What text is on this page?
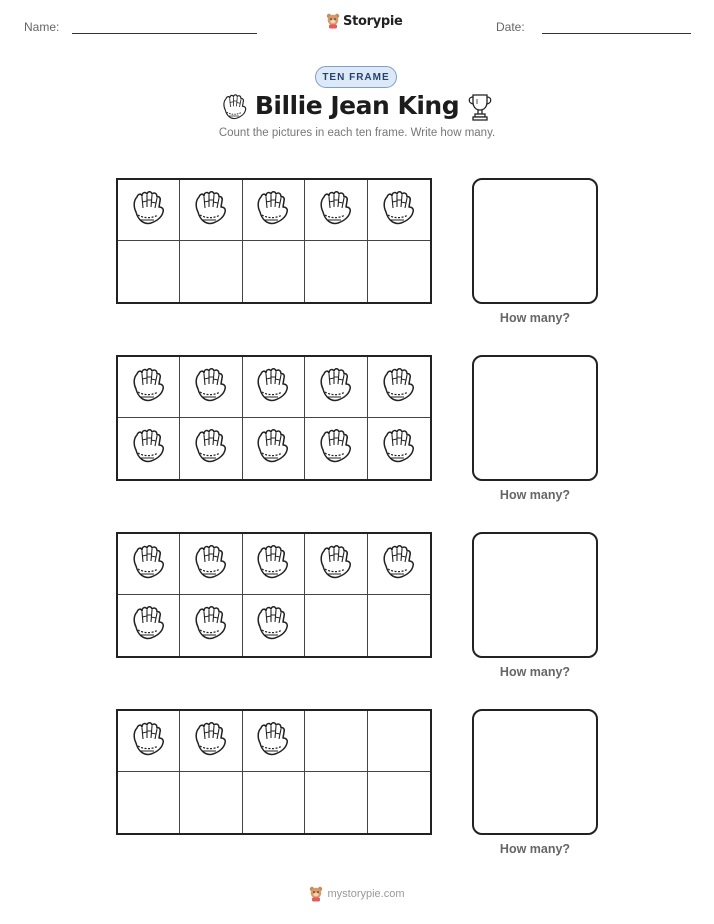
Name:	Storypie	Date:
TEN FRAME
Billie Jean King
Count the pictures in each ten frame. Write how many.
How many?
How many?
How many?
How many?
mystorypie.com
